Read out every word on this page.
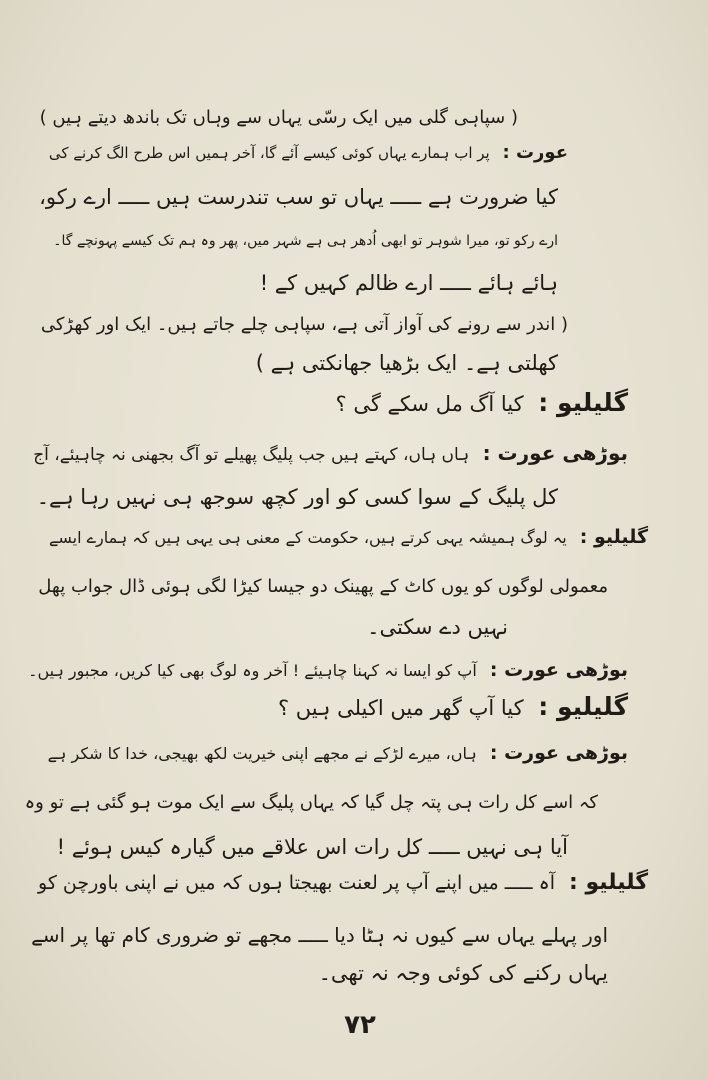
( سپاہی گلی میں ایک رسّی یہاں سے وہاں تک باندھ دیتے ہیں )
عورت : پر اب ہمارے یہاں کوئی کیسے آئے گا، آخر ہمیں اس طرح الگ کرنے کی
کیا ضرورت ہے ـــــ یہاں تو سب تندرست ہیں ـــــ ارے رکو،
ارے رکو تو، میرا شوہر تو ابھی اُدھر ہی ہے شہر میں، پھر وہ ہم تک کیسے پہونچے گا۔
ہائے ہائے ـــــ ارے ظالم کہیں کے !
( اندر سے رونے کی آواز آتی ہے، سپاہی چلے جاتے ہیں۔ ایک اور کھڑکی
کھلتی ہے۔ ایک بڑھیا جھانکتی ہے )
گلیلیو : کیا آگ مل سکے گی ؟
بوڑھی عورت : ہاں ہاں، کہتے ہیں جب پلیگ پھیلے تو آگ بجھنی نہ چاہیئے، آج
کل پلیگ کے سوا کسی کو اور کچھ سوجھ ہی نہیں رہا ہے۔
گلیلیو : یہ لوگ ہمیشہ یہی کرتے ہیں، حکومت کے معنی ہی یہی ہیں کہ ہمارے ایسے
معمولی لوگوں کو یوں کاٹ کے پھینک دو جیسا کیڑا لگی ہوئی ڈال جواب پھل
نہیں دے سکتی۔
بوڑھی عورت : آپ کو ایسا نہ کہنا چاہیئے ! آخر وہ لوگ بھی کیا کریں، مجبور ہیں۔
گلیلیو : کیا آپ گھر میں اکیلی ہیں ؟
بوڑھی عورت : ہاں، میرے لڑکے نے مجھے اپنی خیریت لکھ بھیجی، خدا کا شکر ہے
کہ اسے کل رات ہی پتہ چل گیا کہ یہاں پلیگ سے ایک موت ہو گئی ہے تو وہ
آیا ہی نہیں ـــــ کل رات اس علاقے میں گیارہ کیس ہوئے !
گلیلیو : آہ ـــــ میں اپنے آپ پر لعنت بھیجتا ہوں کہ میں نے اپنی باورچن کو
اور پہلے یہاں سے کیوں نہ ہٹا دیا ـــــ مجھے تو ضروری کام تھا پر اسے
یہاں رکنے کی کوئی وجہ نہ تھی۔
۷۲
